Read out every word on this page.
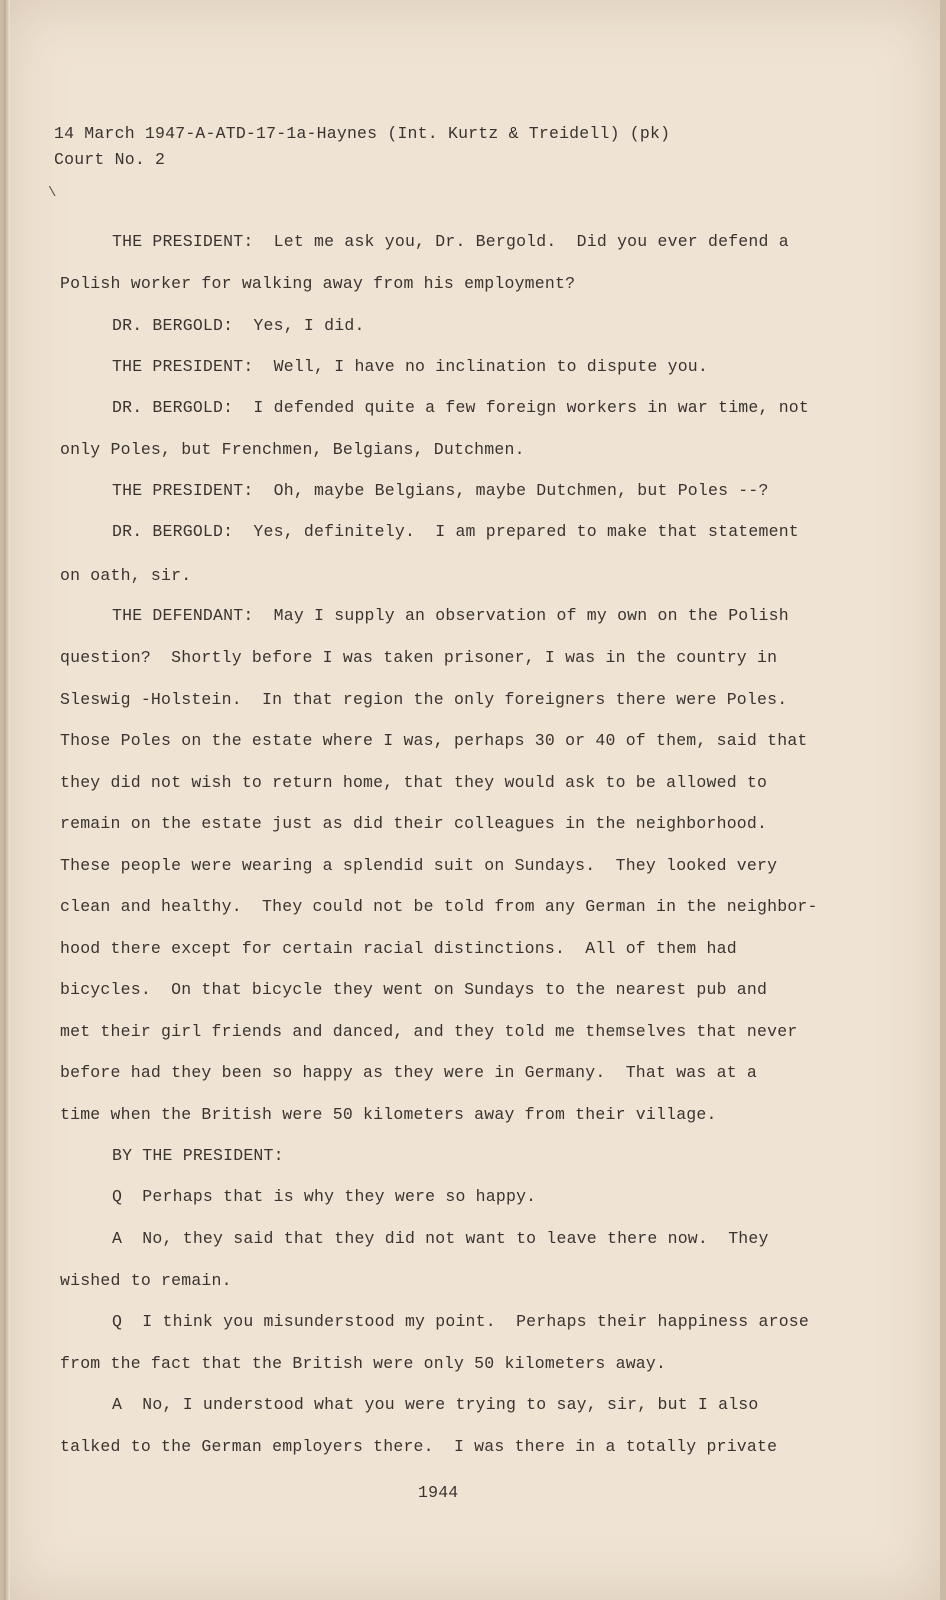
14 March 1947-A-ATD-17-1a-Haynes (Int. Kurtz & Treidell) (pk)
Court No. 2
THE PRESIDENT:  Let me ask you, Dr. Bergold.  Did you ever defend a
Polish worker for walking away from his employment?
DR. BERGOLD:  Yes, I did.
THE PRESIDENT:  Well, I have no inclination to dispute you.
DR. BERGOLD:  I defended quite a few foreign workers in war time, not
only Poles, but Frenchmen, Belgians, Dutchmen.
THE PRESIDENT:  Oh, maybe Belgians, maybe Dutchmen, but Poles --?
DR. BERGOLD:  Yes, definitely.  I am prepared to make that statement
on oath, sir.
THE DEFENDANT:  May I supply an observation of my own on the Polish
question?  Shortly before I was taken prisoner, I was in the country in
Sleswig -Holstein.  In that region the only foreigners there were Poles.
Those Poles on the estate where I was, perhaps 30 or 40 of them, said that
they did not wish to return home, that they would ask to be allowed to
remain on the estate just as did their colleagues in the neighborhood.
These people were wearing a splendid suit on Sundays.  They looked very
clean and healthy.  They could not be told from any German in the neighbor-
hood there except for certain racial distinctions.  All of them had
bicycles.  On that bicycle they went on Sundays to the nearest pub and
met their girl friends and danced, and they told me themselves that never
before had they been so happy as they were in Germany.  That was at a
time when the British were 50 kilometers away from their village.
BY THE PRESIDENT:
Q  Perhaps that is why they were so happy.
A  No, they said that they did not want to leave there now.  They
wished to remain.
Q  I think you misunderstood my point.  Perhaps their happiness arose
from the fact that the British were only 50 kilometers away.
A  No, I understood what you were trying to say, sir, but I also
talked to the German employers there.  I was there in a totally private
1944
\
